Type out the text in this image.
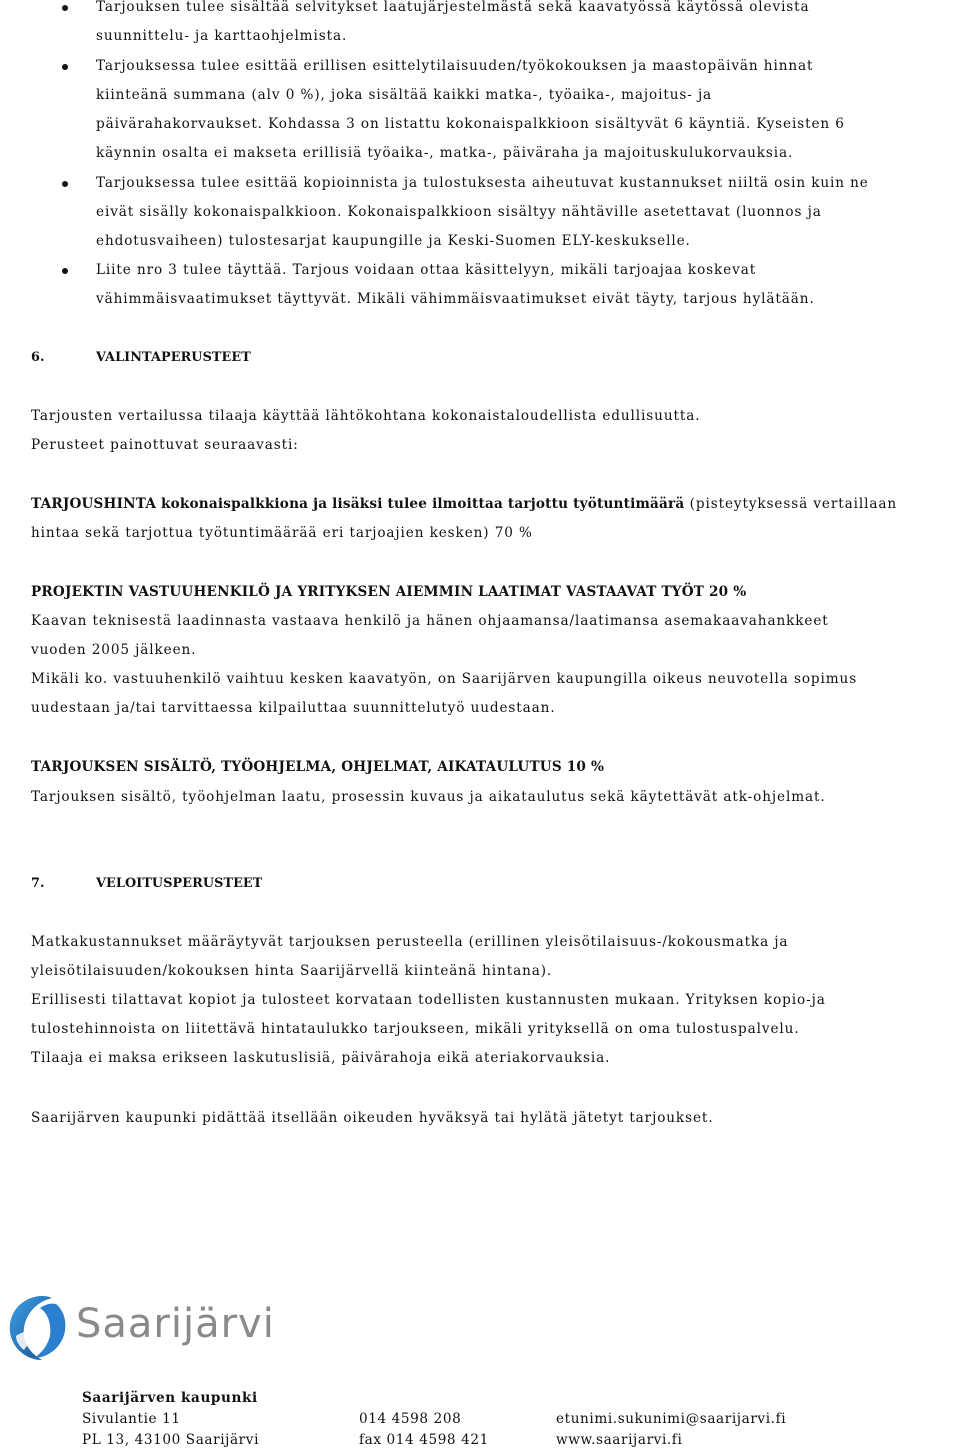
Tarjouksen tulee sisältää selvitykset laatujärjestelmästä sekä kaavatyössä käytössä olevista
suunnittelu- ja karttaohjelmista.
Tarjouksessa tulee esittää erillisen esittelytilaisuuden/työkokouksen ja maastopäivän hinnat
kiinteänä summana (alv 0 %), joka sisältää kaikki matka-, työaika-, majoitus- ja
päivärahakorvaukset. Kohdassa 3 on listattu kokonaispalkkioon sisältyvät 6 käyntiä. Kyseisten 6
käynnin osalta ei makseta erillisiä työaika-, matka-, päiväraha ja majoituskulukorvauksia.
Tarjouksessa tulee esittää kopioinnista ja tulostuksesta aiheutuvat kustannukset niiltä osin kuin ne
eivät sisälly kokonaispalkkioon. Kokonaispalkkioon sisältyy nähtäville asetettavat (luonnos ja
ehdotusvaiheen) tulostesarjat kaupungille ja Keski-Suomen ELY-keskukselle.
Liite nro 3 tulee täyttää. Tarjous voidaan ottaa käsittelyyn, mikäli tarjoajaa koskevat
vähimmäisvaatimukset täyttyvät. Mikäli vähimmäisvaatimukset eivät täyty, tarjous hylätään.
6.	VALINTAPERUSTEET
Tarjousten vertailussa tilaaja käyttää lähtökohtana kokonaistaloudellista edullisuutta.
Perusteet painottuvat seuraavasti:
TARJOUSHINTA kokonaispalkkiona ja lisäksi tulee ilmoittaa tarjottu työtuntimäärä (pisteytyksessä vertaillaan
hintaa sekä tarjottua työtuntimäärää eri tarjoajien kesken) 70 %
PROJEKTIN VASTUUHENKILÖ JA YRITYKSEN AIEMMIN LAATIMAT VASTAAVAT TYÖT 20 %
Kaavan teknisestä laadinnasta vastaava henkilö ja hänen ohjaamansa/laatimansa asemakaavahankkeet
vuoden 2005 jälkeen.
Mikäli ko. vastuuhenkilö vaihtuu kesken kaavatyön, on Saarijärven kaupungilla oikeus neuvotella sopimus
uudestaan ja/tai tarvittaessa kilpailuttaa suunnittelutyö uudestaan.
TARJOUKSEN SISÄLTÖ, TYÖOHJELMA, OHJELMAT, AIKATAULUTUS 10 %
Tarjouksen sisältö, työohjelman laatu, prosessin kuvaus ja aikataulutus sekä käytettävät atk-ohjelmat.
7.	VELOITUSPERUSTEET
Matkakustannukset määräytyvät tarjouksen perusteella (erillinen yleisötilaisuus-/kokousmatka ja
yleisötilaisuuden/kokouksen hinta Saarijärvellä kiinteänä hintana).
Erillisesti tilattavat kopiot ja tulosteet korvataan todellisten kustannusten mukaan. Yrityksen kopio-ja
tulostehinnoista on liitettävä hintataulukko tarjoukseen, mikäli yrityksellä on oma tulostuspalvelu.
Tilaaja ei maksa erikseen laskutuslisiä, päivärahoja eikä ateriakorvauksia.
Saarijärven kaupunki pidättää itsellään oikeuden hyväksyä tai hylätä jätetyt tarjoukset.
Saarijärvi
Saarijärven kaupunki
Sivulantie 11
PL 13, 43100 Saarijärvi
014 4598 208
fax 014 4598 421
etunimi.sukunimi@saarijarvi.fi
www.saarijarvi.fi
